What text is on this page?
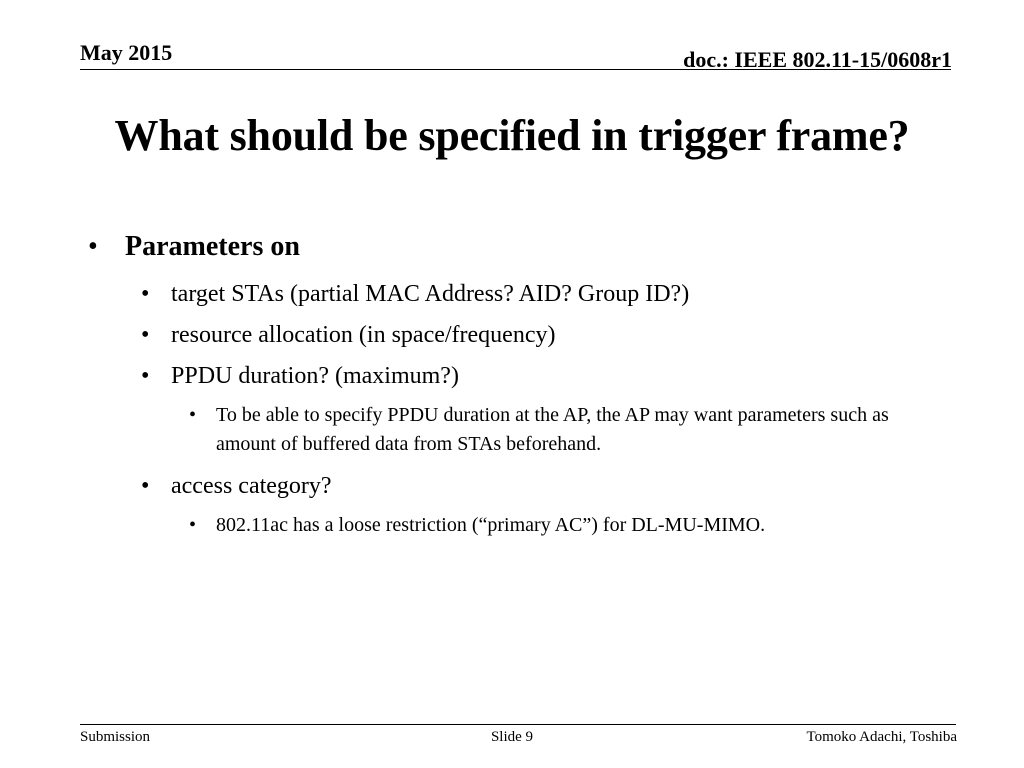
May 2015	doc.: IEEE 802.11-15/0608r1
What should be specified in trigger frame?
• Parameters on
• target STAs (partial MAC Address? AID? Group ID?)
• resource allocation (in space/frequency)
• PPDU duration? (maximum?)
• To be able to specify PPDU duration at the AP, the AP may want parameters such as amount of buffered data from STAs beforehand.
• access category?
• 802.11ac has a loose restriction (“primary AC”) for DL-MU-MIMO.
Submission	Slide 9	Tomoko Adachi, Toshiba
